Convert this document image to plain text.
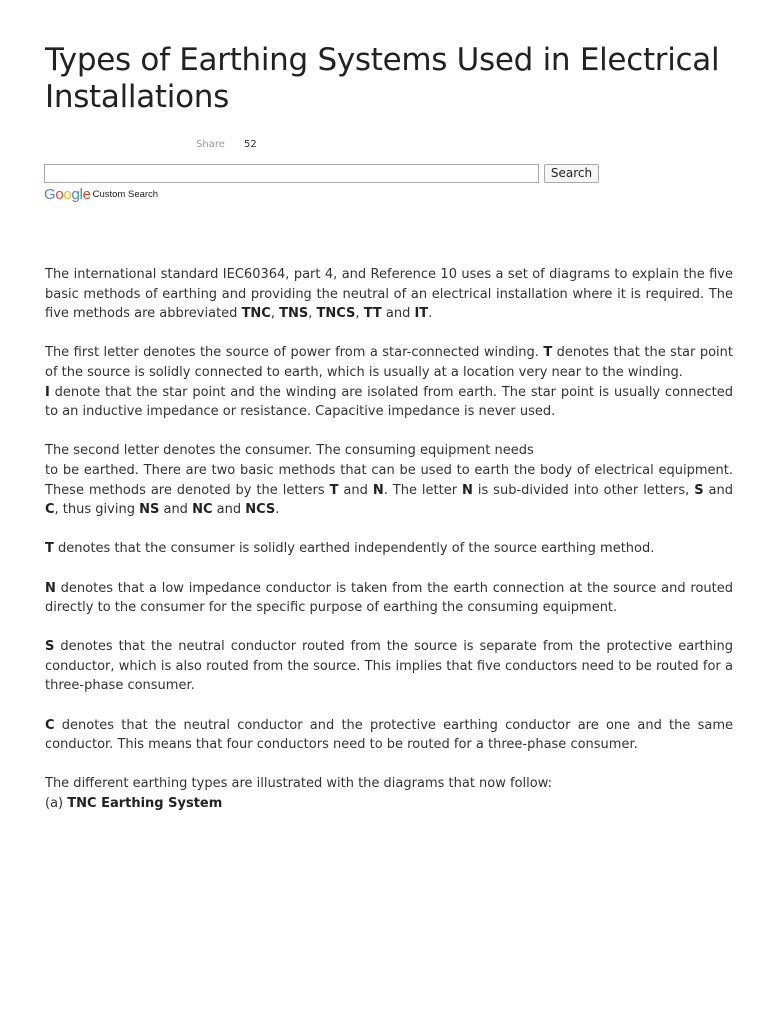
Types of Earthing Systems Used in Electrical Installations
Share 52
Search
Google Custom Search

The international standard IEC60364, part 4, and Reference 10 uses a set of diagrams to explain the five basic methods of earthing and providing the neutral of an electrical installation where it is required. The five methods are abbreviated TNC, TNS, TNCS, TT and IT.

The first letter denotes the source of power from a star-connected winding. T denotes that the star point of the source is solidly connected to earth, which is usually at a location very near to the winding.

I denote that the star point and the winding are isolated from earth. The star point is usually connected to an inductive impedance or resistance. Capacitive impedance is never used.

The second letter denotes the consumer. The consuming equipment needs
to be earthed. There are two basic methods that can be used to earth the body of electrical equipment. These methods are denoted by the letters T and N. The letter N is sub-divided into other letters, S and C, thus giving NS and NC and NCS.

T denotes that the consumer is solidly earthed independently of the source earthing method.

N denotes that a low impedance conductor is taken from the earth connection at the source and routed directly to the consumer for the specific purpose of earthing the consuming equipment.

S denotes that the neutral conductor routed from the source is separate from the protective earthing conductor, which is also routed from the source. This implies that five conductors need to be routed for a three-phase consumer.

C denotes that the neutral conductor and the protective earthing conductor are one and the same conductor. This means that four conductors need to be routed for a three-phase consumer.

The different earthing types are illustrated with the diagrams that now follow:

(a) TNC Earthing System
